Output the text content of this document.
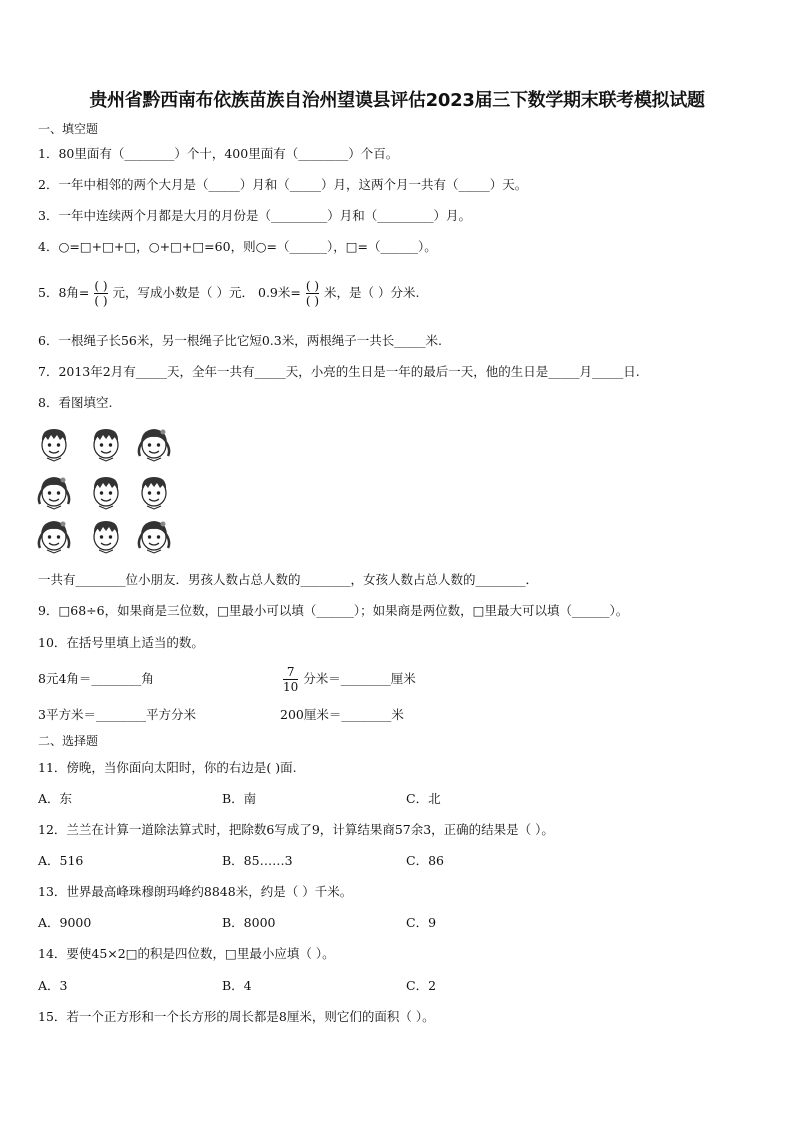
贵州省黔西南布依族苗族自治州望谟县评估2023届三下数学期末联考模拟试题
一、填空题
1．80里面有（________）个十，400里面有（________）个百。
2．一年中相邻的两个大月是（_____）月和（_____）月，这两个月一共有（_____）天。
3．一年中连续两个月都是大月的月份是（_________）月和（_________）月。
4．○=□+□+□，○+□+□=60，则○=（______），□=（______）。
5．8角= $\frac{( )}{( )}$ 元，写成小数是（ ）元． 0.9米= $\frac{( )}{( )}$ 米，是（ ）分米.
6．一根绳子长56米，另一根绳子比它短0.3米，两根绳子一共长_____米.
7．2013年2月有_____天，全年一共有_____天，小亮的生日是一年的最后一天，他的生日是_____月_____日.
8．看图填空.
一共有________位小朋友．男孩人数占总人数的________，女孩人数占总人数的________．
9．□68÷6，如果商是三位数，□里最小可以填（______）；如果商是两位数，□里最大可以填（______）。
10．在括号里填上适当的数。
8元4角＝________角	$\frac{7}{10}$ 分米＝________厘米
3平方米＝________平方分米	200厘米＝________米
二、选择题
11．傍晚，当你面向太阳时，你的右边是( )面.
A．东	B．南	C．北
12．兰兰在计算一道除法算式时，把除数6写成了9，计算结果商57余3，正确的结果是（ ）。
A．516	B．85……3	C．86
13．世界最高峰珠穆朗玛峰约8848米，约是（ ）千米。
A．9000	B．8000	C．9
14．要使45×2□的积是四位数，□里最小应填（ ）。
A．3	B．4	C．2
15．若一个正方形和一个长方形的周长都是8厘米，则它们的面积（ ）。
